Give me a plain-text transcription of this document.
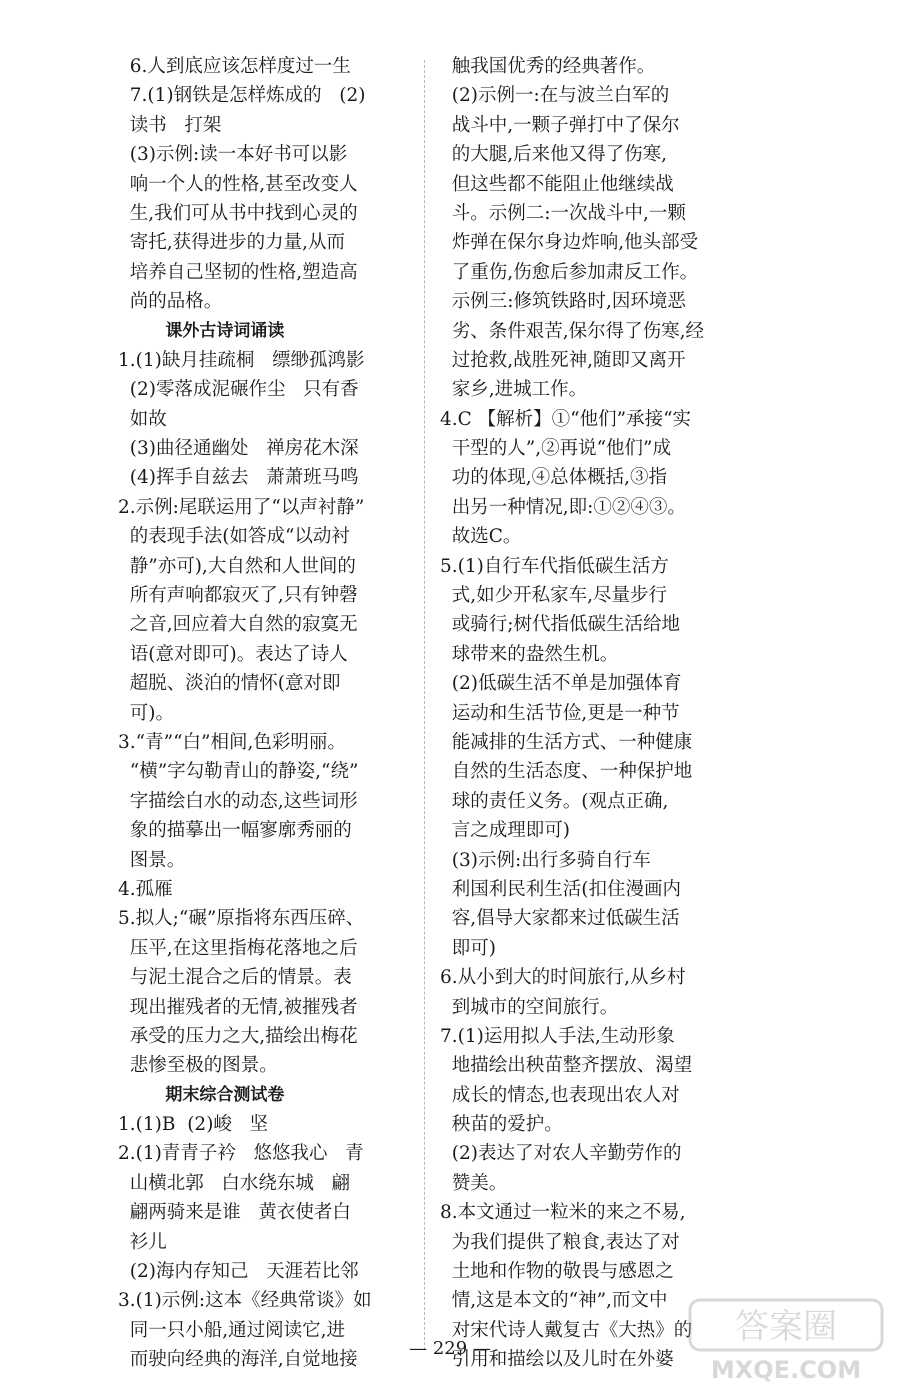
6.人到底应该怎样度过一生
7.(1)钢铁是怎样炼成的   (2)
读书   打架
(3)示例:读一本好书可以影
响一个人的性格,甚至改变人
生,我们可从书中找到心灵的
寄托,获得进步的力量,从而
培养自己坚韧的性格,塑造高
尚的品格。
课外古诗词诵读
1.(1)缺月挂疏桐   缥缈孤鸿影
(2)零落成泥碾作尘   只有香
如故
(3)曲径通幽处   禅房花木深
(4)挥手自兹去   萧萧班马鸣
2.示例:尾联运用了“以声衬静”
的表现手法(如答成“以动衬
静”亦可),大自然和人世间的
所有声响都寂灭了,只有钟磬
之音,回应着大自然的寂寞无
语(意对即可)。表达了诗人
超脱、淡泊的情怀(意对即
可)。
3.“青”“白”相间,色彩明丽。
“横”字勾勒青山的静姿,“绕”
字描绘白水的动态,这些词形
象的描摹出一幅寥廓秀丽的
图景。
4.孤雁
5.拟人;“碾”原指将东西压碎、
压平,在这里指梅花落地之后
与泥土混合之后的情景。表
现出摧残者的无情,被摧残者
承受的压力之大,描绘出梅花
悲惨至极的图景。
期末综合测试卷
1.(1)B  (2)峻   坚
2.(1)青青子衿   悠悠我心   青
山横北郭   白水绕东城   翩
翩两骑来是谁   黄衣使者白
衫儿
(2)海内存知己   天涯若比邻
3.(1)示例:这本《经典常谈》如
同一只小船,通过阅读它,进
而驶向经典的海洋,自觉地接
触我国优秀的经典著作。
(2)示例一:在与波兰白军的
战斗中,一颗子弹打中了保尔
的大腿,后来他又得了伤寒,
但这些都不能阻止他继续战
斗。示例二:一次战斗中,一颗
炸弹在保尔身边炸响,他头部受
了重伤,伤愈后参加肃反工作。
示例三:修筑铁路时,因环境恶
劣、条件艰苦,保尔得了伤寒,经
过抢救,战胜死神,随即又离开
家乡,进城工作。
4.C 【解析】①“他们”承接“实
干型的人”,②再说“他们”成
功的体现,④总体概括,③指
出另一种情况,即:①②④③。
故选C。
5.(1)自行车代指低碳生活方
式,如少开私家车,尽量步行
或骑行;树代指低碳生活给地
球带来的盎然生机。
(2)低碳生活不单是加强体育
运动和生活节俭,更是一种节
能减排的生活方式、一种健康
自然的生活态度、一种保护地
球的责任义务。(观点正确,
言之成理即可)
(3)示例:出行多骑自行车
利国利民利生活(扣住漫画内
容,倡导大家都来过低碳生活
即可)
6.从小到大的时间旅行,从乡村
到城市的空间旅行。
7.(1)运用拟人手法,生动形象
地描绘出秧苗整齐摆放、渴望
成长的情态,也表现出农人对
秧苗的爱护。
(2)表达了对农人辛勤劳作的
赞美。
8.本文通过一粒米的来之不易,
为我们提供了粮食,表达了对
土地和作物的敬畏与感恩之
情,这是本文的“神”,而文中
对宋代诗人戴复古《大热》的
引用和描绘以及儿时在外婆
— 229 —
答案圈
MXQE.COM
